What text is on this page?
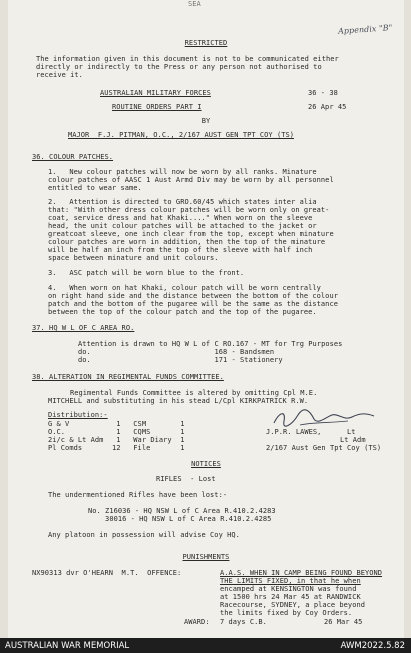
SEA
Appendix "B"
RESTRICTED
The information given in this document is not to be communicated either
directly or indirectly to the Press or any person not authorised to
receive it.
AUSTRALIAN MILITARY FORCES	36 - 38
ROUTINE ORDERS PART I	26 Apr 45
BY
MAJOR  F.J. PITMAN, O.C., 2/167 AUST GEN TPT COY (TS)
36. COLOUR PATCHES.
1.   New colour patches will now be worn by all ranks. Minature
colour patches of AASC 1 Aust Armd Div may be worn by all personnel
entitled to wear same.
2.   Attention is directed to GRO.60/45 which states inter alia
that: "With other dress colour patches will be worn only on great-
coat, service dress and hat Khaki...." When worn on the sleeve
head, the unit colour patches will be attached to the jacket or
greatcoat sleeve, one inch clear from the top, except when minature
colour patches are worn in addition, then the top of the minature
will be half an inch from the top of the sleeve with half inch
space between minature and unit colours.
3.   ASC patch will be worn blue to the front.
4.   When worn on hat Khaki, colour patch will be worn centrally
on right hand side and the distance between the bottom of the colour
patch and the bottom of the pugaree will be the same as the distance
between the top of the colour patch and the top of the pugaree.
37. HQ W L OF C AREA RO.
Attention is drawn to HQ W L of C RO.167 - MT for Trg Purposes
do.                             168 - Bandsmen
do.                             171 - Stationery
38. ALTERATION IN REGIMENTAL FUNDS COMMITTEE.
Regimental Funds Committee is altered by omitting Cpl M.E.
MITCHELL and substituting in his stead L/Cpl KIRKPATRICK R.W.
Distribution:-
G & V           1   CSM        1
O.C.            1   CQMS       1
2i/c & Lt Adm   1   War Diary  1
Pl Comds       12   File       1
J.P.R. LAWES,      Lt
Lt Adm
2/167 Aust Gen Tpt Coy (TS)
NOTICES
RIFLES  - Lost
The undermentioned Rifles have been lost:-
No. Z16036 - HQ NSW L of C Area R.410.2.4283
30016 - HQ NSW L of C Area R.410.2.4285
Any platoon in possession will advise Coy HQ.
PUNISHMENTS
NX90313 dvr O'HEARN  M.T.  OFFENCE:	A.A.S. WHEN IN CAMP BEING FOUND BEYOND
THE LIMITS FIXED, in that he when
encamped at KENSINGTON was found
at 1500 hrs 24 Mar 45 at RANDWICK
Racecourse, SYDNEY, a place beyond
the limits fixed by Coy Orders.
AWARD: 7 days C.B.	26 Mar 45
AUSTRALIAN WAR MEMORIAL	AWM2022.5.82
